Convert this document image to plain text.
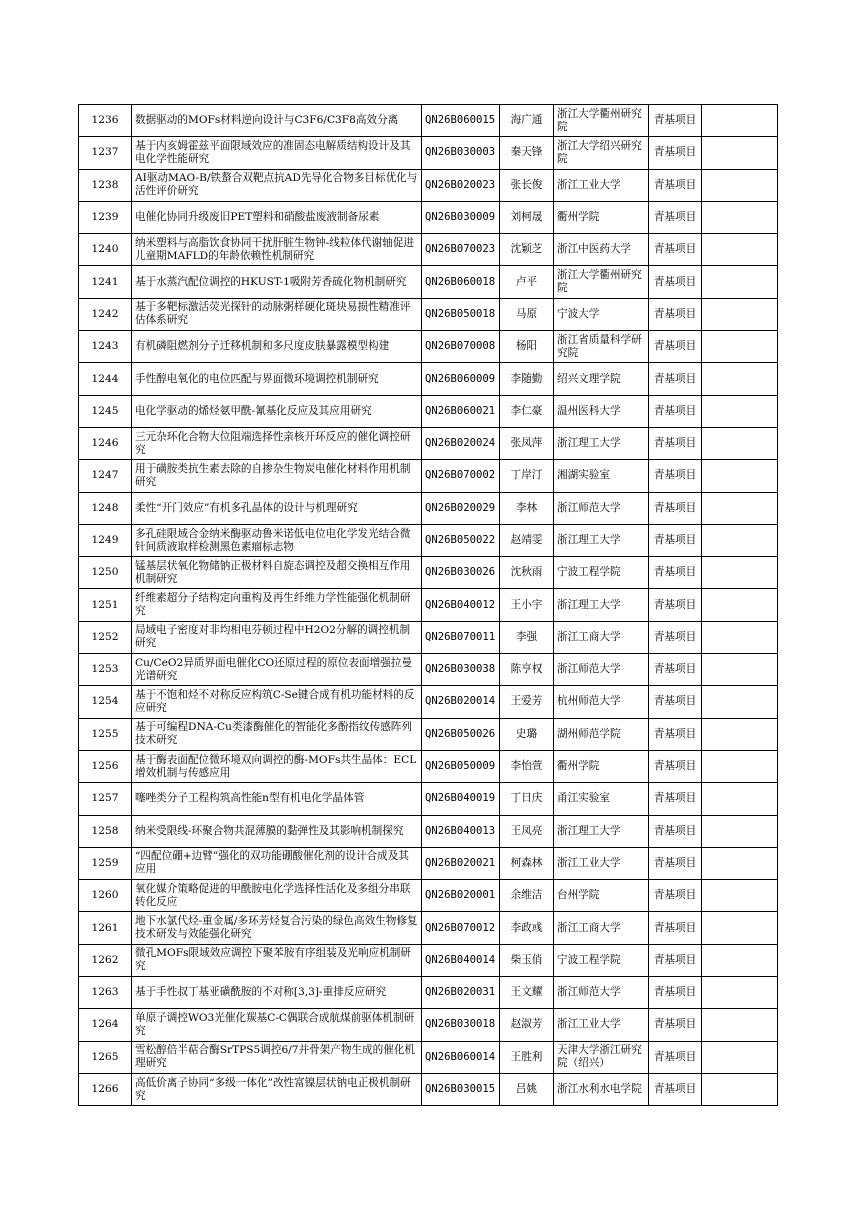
1236	数据驱动的MOFs材料逆向设计与C3F6/C3F8高效分离	QN26B060015	海广通	浙江大学衢州研究院	青基项目	
1237	基于内亥姆霍兹平面限域效应的准固态电解质结构设计及其电化学性能研究	QN26B030003	秦天锋	浙江大学绍兴研究院	青基项目	
1238	AI驱动MAO-B/铁螯合双靶点抗AD先导化合物多目标优化与活性评价研究	QN26B020023	张长俊	浙江工业大学	青基项目	
1239	电催化协同升级废旧PET塑料和硝酸盐废液制备尿素	QN26B030009	刘柯晟	衢州学院	青基项目	
1240	纳米塑料与高脂饮食协同干扰肝脏生物钟-线粒体代谢轴促进儿童期MAFLD的年龄依赖性机制研究	QN26B070023	沈颖芝	浙江中医药大学	青基项目	
1241	基于水蒸汽配位调控的HKUST-1吸附芳香硫化物机制研究	QN26B060018	卢平	浙江大学衢州研究院	青基项目	
1242	基于多靶标激活荧光探针的动脉粥样硬化斑块易损性精准评估体系研究	QN26B050018	马原	宁波大学	青基项目	
1243	有机磷阻燃剂分子迁移机制和多尺度皮肤暴露模型构建	QN26B070008	杨阳	浙江省质量科学研究院	青基项目	
1244	手性醇电氧化的电位匹配与界面微环境调控机制研究	QN26B060009	李随勤	绍兴文理学院	青基项目	
1245	电化学驱动的烯烃氨甲酰-氰基化反应及其应用研究	QN26B060021	李仁豪	温州医科大学	青基项目	
1246	三元杂环化合物大位阻端选择性亲核开环反应的催化调控研究	QN26B020024	张凤萍	浙江理工大学	青基项目	
1247	用于磺胺类抗生素去除的自掺杂生物炭电催化材料作用机制研究	QN26B070002	丁岸汀	湘湖实验室	青基项目	
1248	柔性“开门效应”有机多孔晶体的设计与机理研究	QN26B020029	李林	浙江师范大学	青基项目	
1249	多孔硅限域合金纳米酶驱动鲁米诺低电位电化学发光结合微针间质液取样检测黑色素瘤标志物	QN26B050022	赵靖雯	浙江理工大学	青基项目	
1250	锰基层状氧化物储钠正极材料自旋态调控及超交换相互作用机制研究	QN26B030026	沈秋雨	宁波工程学院	青基项目	
1251	纤维素超分子结构定向重构及再生纤维力学性能强化机制研究	QN26B040012	王小宇	浙江理工大学	青基项目	
1252	局域电子密度对非均相电芬顿过程中H2O2分解的调控机制研究	QN26B070011	李强	浙江工商大学	青基项目	
1253	Cu/CeO2异质界面电催化CO还原过程的原位表面增强拉曼光谱研究	QN26B030038	陈亨权	浙江师范大学	青基项目	
1254	基于不饱和烃不对称反应构筑C-Se键合成有机功能材料的反应研究	QN26B020014	王爱芳	杭州师范大学	青基项目	
1255	基于可编程DNA-Cu类漆酶催化的智能化多酚指纹传感阵列技术研究	QN26B050026	史璐	湖州师范学院	青基项目	
1256	基于酶表面配位微环境双向调控的酶-MOFs共生晶体：ECL增效机制与传感应用	QN26B050009	李怡萱	衢州学院	青基项目	
1257	噻唑类分子工程构筑高性能n型有机电化学晶体管	QN26B040019	丁日庆	甬江实验室	青基项目	
1258	纳米受限线-环聚合物共混薄膜的黏弹性及其影响机制探究	QN26B040013	王凤亮	浙江理工大学	青基项目	
1259	“四配位硼+边臂”强化的双功能硼酸催化剂的设计合成及其应用	QN26B020021	柯森林	浙江工业大学	青基项目	
1260	氧化媒介策略促进的甲酰胺电化学选择性活化及多组分串联转化反应	QN26B020001	余维洁	台州学院	青基项目	
1261	地下水氯代烃-重金属/多环芳烃复合污染的绿色高效生物修复技术研发与效能强化研究	QN26B070012	李政彧	浙江工商大学	青基项目	
1262	微孔MOFs限域效应调控下聚苯胺有序组装及光响应机制研究	QN26B040014	柴玉俏	宁波工程学院	青基项目	
1263	基于手性叔丁基亚磺酰胺的不对称[3,3]-重排反应研究	QN26B020031	王文耀	浙江师范大学	青基项目	
1264	单原子调控WO3光催化羰基C-C偶联合成航煤前驱体机制研究	QN26B030018	赵淑芳	浙江工业大学	青基项目	
1265	雪松醇倍半萜合酶SrTPS5调控6/7并骨架产物生成的催化机理研究	QN26B060014	王胜利	天津大学浙江研究院（绍兴）	青基项目	
1266	高低价离子协同“多级一体化”改性富镍层状钠电正极机制研究	QN26B030015	吕姚	浙江水利水电学院	青基项目	
